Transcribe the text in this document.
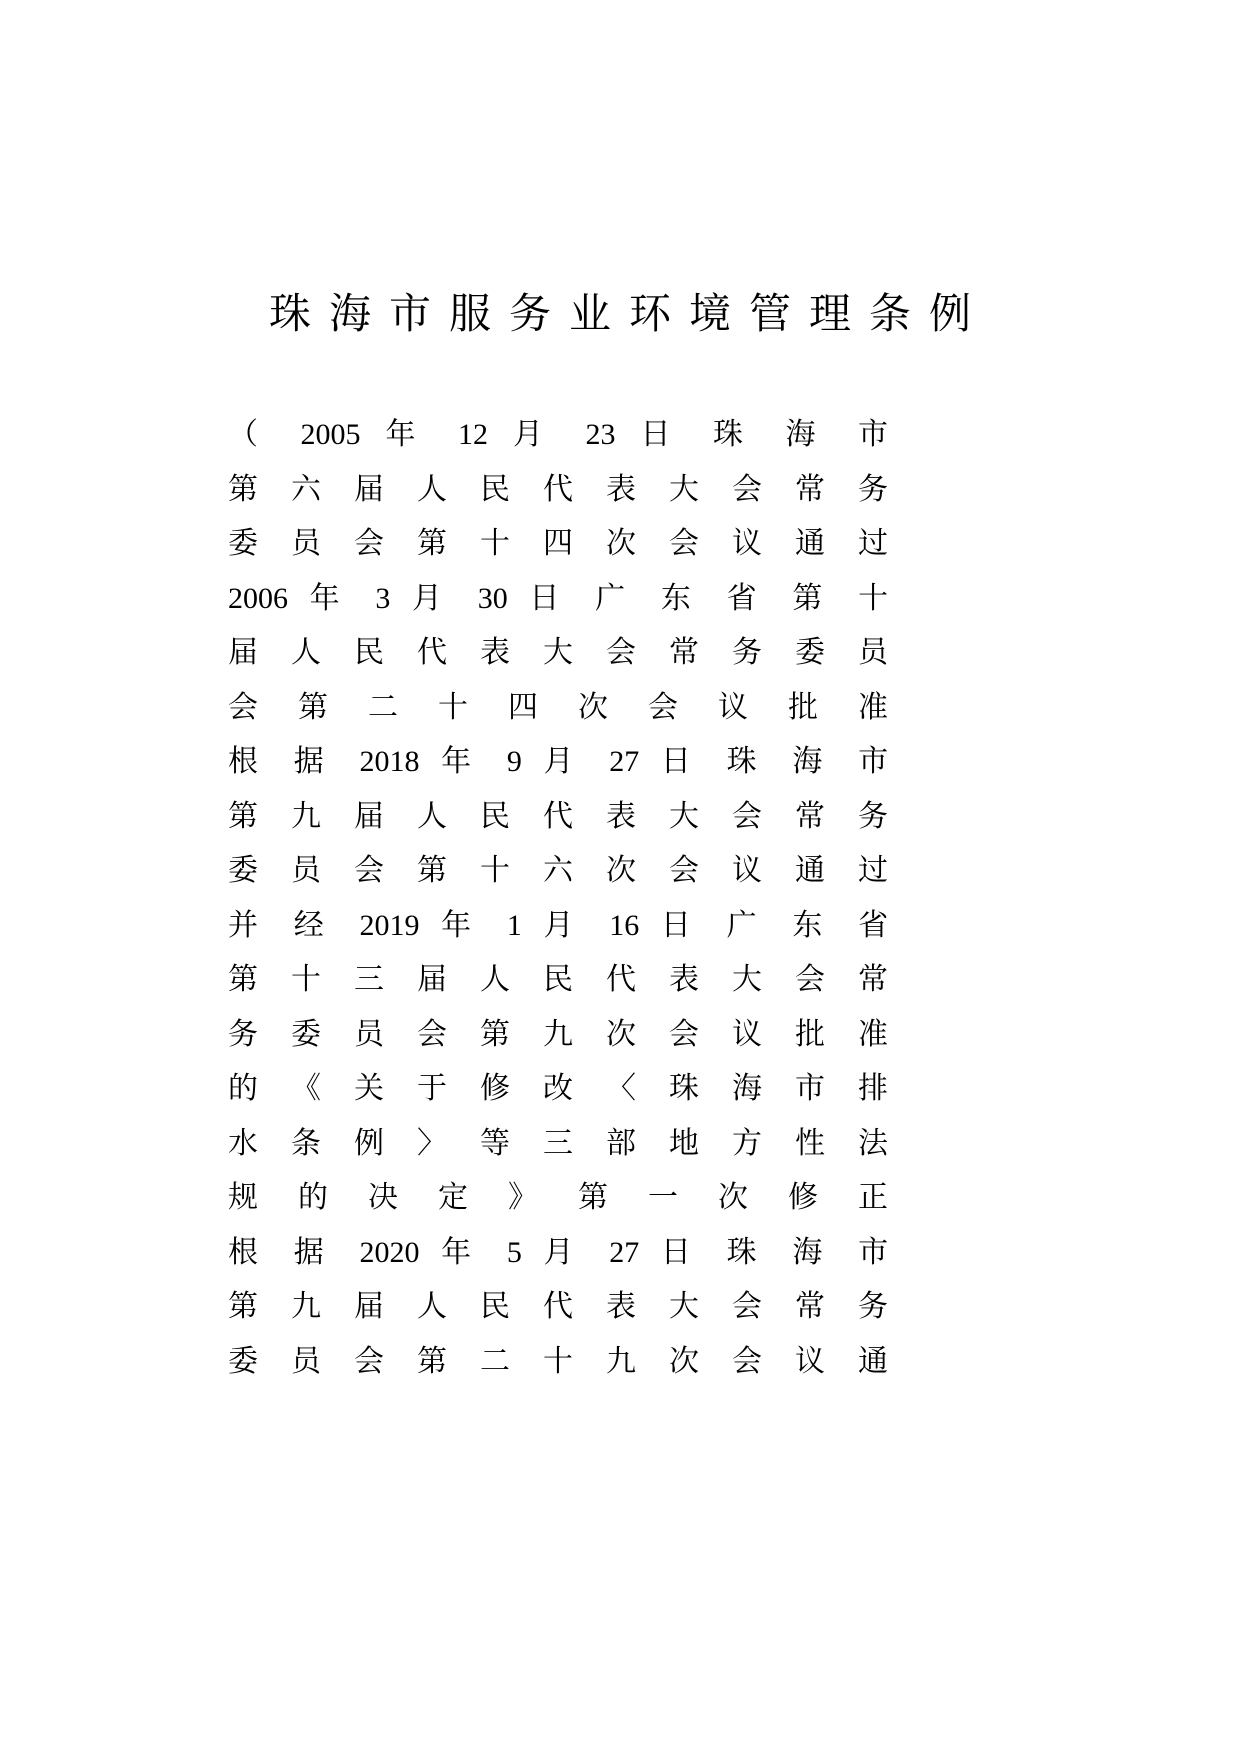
珠海市服务业环境管理条例
（​ 2005​ 年​ 12​ 月​ 23​ 日​ 珠​ 海​ 市
第​ 六​ 届​ 人​ 民​ 代​ 表​ 大​ 会​ 常​ 务
委​ 员​ 会​ 第​ 十​ 四​ 次​ 会​ 议​ 通​ 过
2006​ 年​ 3​ 月​ 30​ 日​ 广​ 东​ 省​ 第​ 十
届​ 人​ 民​ 代​ 表​ 大​ 会​ 常​ 务​ 委​ 员
会​ 第​ 二​ 十​ 四​ 次​ 会​ 议​ 批​ 准
根​ 据​ 2018​ 年​ 9​ 月​ 27​ 日​ 珠​ 海​ 市
第​ 九​ 届​ 人​ 民​ 代​ 表​ 大​ 会​ 常​ 务
委​ 员​ 会​ 第​ 十​ 六​ 次​ 会​ 议​ 通​ 过
并​ 经​ 2019​ 年​ 1​ 月​ 16​ 日​ 广​ 东​ 省
第​ 十​ 三​ 届​ 人​ 民​ 代​ 表​ 大​ 会​ 常
务​ 委​ 员​ 会​ 第​ 九​ 次​ 会​ 议​ 批​ 准
的​ 《​ 关​ 于​ 修​ 改​ 〈​ 珠​ 海​ 市​ 排
水​ 条​ 例​ 〉​ 等​ 三​ 部​ 地​ 方​ 性​ 法
规​ 的​ 决​ 定​ 》​ 第​ 一​ 次​ 修​ 正
根​ 据​ 2020​ 年​ 5​ 月​ 27​ 日​ 珠​ 海​ 市
第​ 九​ 届​ 人​ 民​ 代​ 表​ 大​ 会​ 常​ 务
委​ 员​ 会​ 第​ 二​ 十​ 九​ 次​ 会​ 议​ 通
